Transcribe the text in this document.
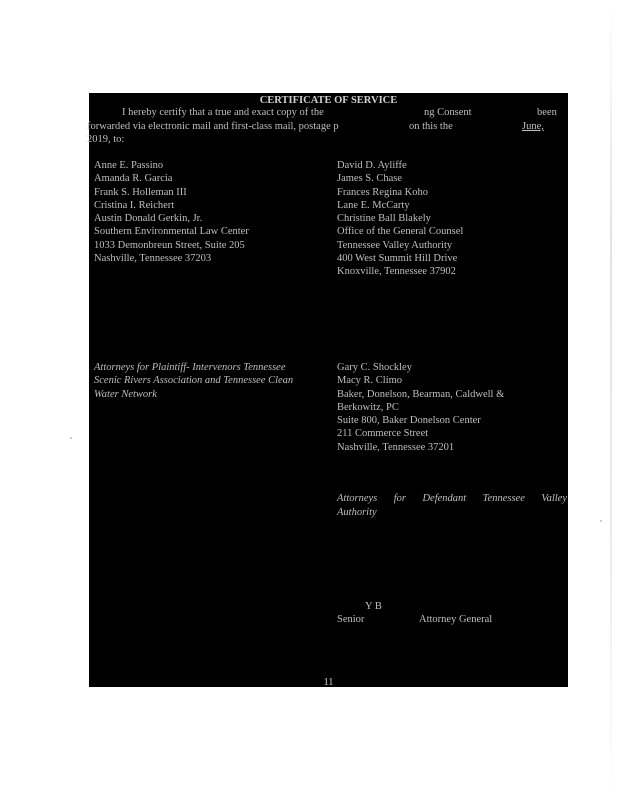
CERTIFICATE OF SERVICE
I hereby certify that a true and exact copy of the	ng Consent	been
forwarded via electronic mail and first-class mail, postage p	on this the	June,
2019, to:
Anne E. Passino
Amanda R. Garcia
Frank S. Holleman III
Cristina I. Reichert
Austin Donald Gerkin, Jr.
Southern Environmental Law Center
1033 Demonbreun Street, Suite 205
Nashville, Tennessee 37203
David D. Ayliffe
James S. Chase
Frances Regina Koho
Lane E. McCarty
Christine Ball Blakely
Office of the General Counsel
Tennessee Valley Authority
400 West Summit Hill Drive
Knoxville, Tennessee 37902
Attorneys for Plaintiff- Intervenors Tennessee
Scenic Rivers Association and Tennessee Clean
Water Network
Gary C. Shockley
Macy R. Climo
Baker, Donelson, Bearman, Caldwell &
Berkowitz, PC
Suite 800, Baker Donelson Center
211 Commerce Street
Nashville, Tennessee 37201
Attorneys for Defendant Tennessee Valley
Authority
Y B
Senior	Attorney General
11
